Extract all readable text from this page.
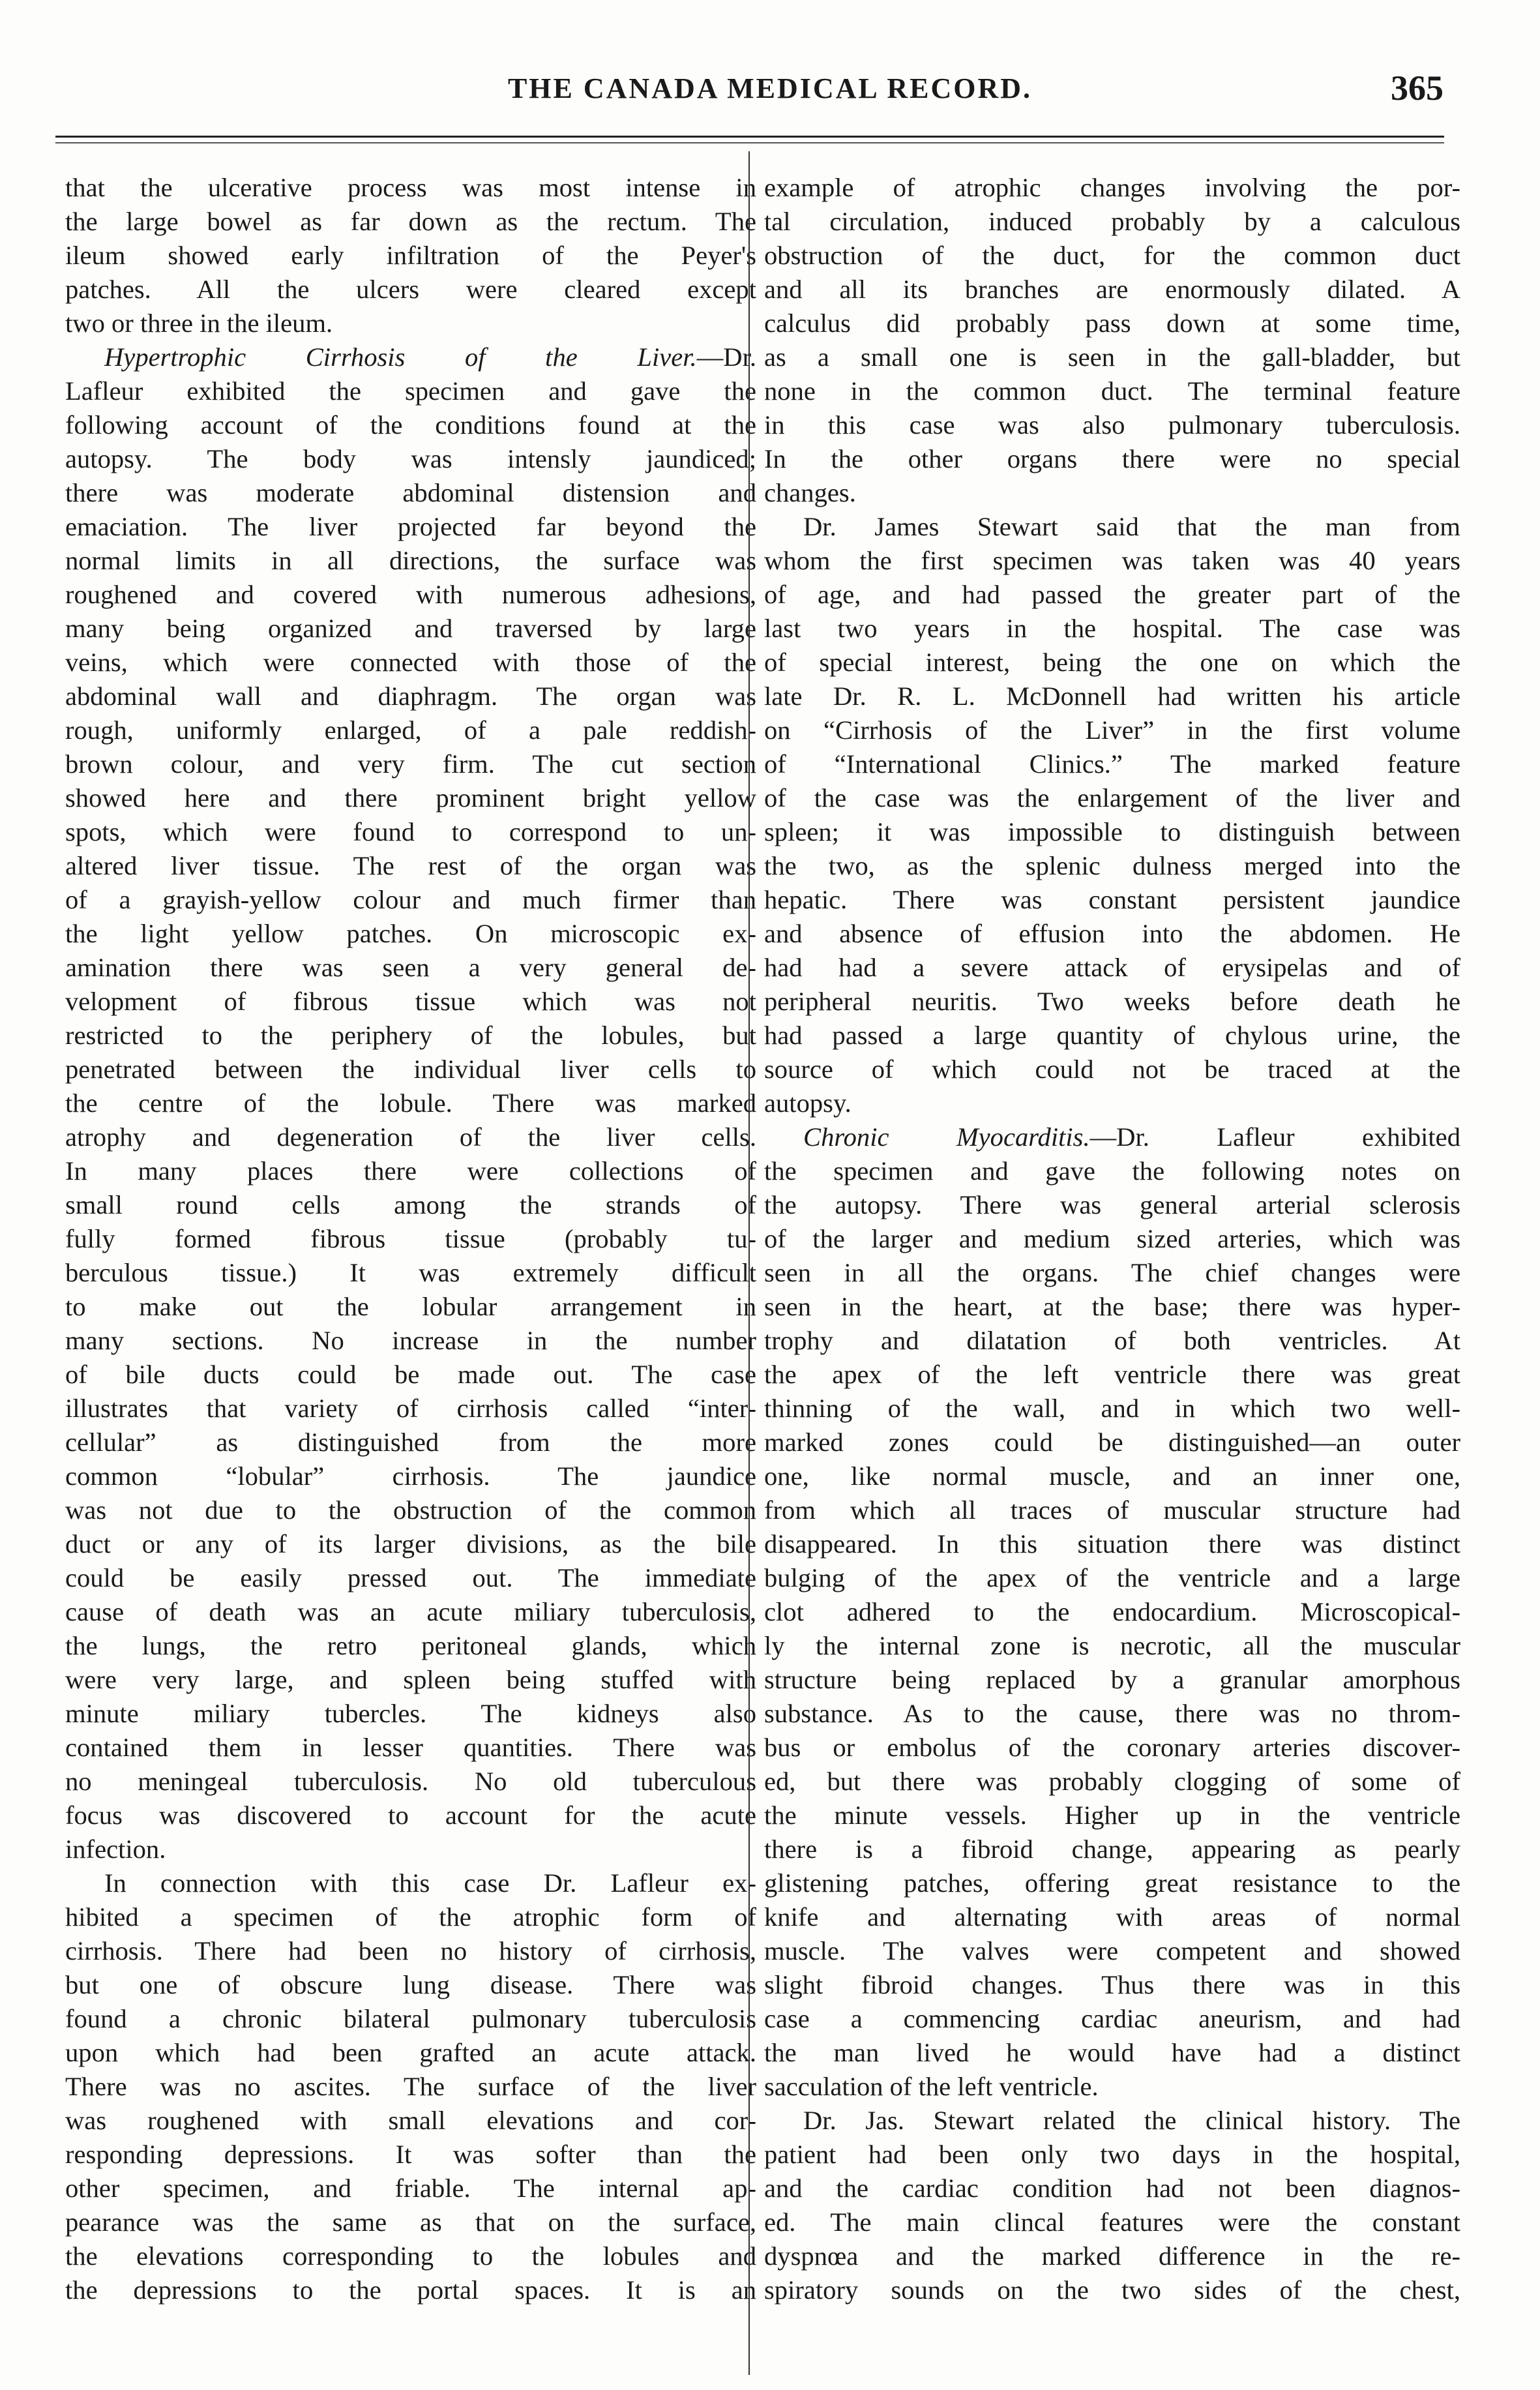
THE CANADA MEDICAL RECORD.	365
that the ulcerative process was most intense in
the large bowel as far down as the rectum. The
ileum showed early infiltration of the Peyer's
patches. All the ulcers were cleared except
two or three in the ileum.
Hypertrophic Cirrhosis of the Liver.—Dr.
Lafleur exhibited the specimen and gave the
following account of the conditions found at the
autopsy. The body was intensly jaundiced;
there was moderate abdominal distension and
emaciation. The liver projected far beyond the
normal limits in all directions, the surface was
roughened and covered with numerous adhesions,
many being organized and traversed by large
veins, which were connected with those of the
abdominal wall and diaphragm. The organ was
rough, uniformly enlarged, of a pale reddish-
brown colour, and very firm. The cut section
showed here and there prominent bright yellow
spots, which were found to correspond to un-
altered liver tissue. The rest of the organ was
of a grayish-yellow colour and much firmer than
the light yellow patches. On microscopic ex-
amination there was seen a very general de-
velopment of fibrous tissue which was not
restricted to the periphery of the lobules, but
penetrated between the individual liver cells to
the centre of the lobule. There was marked
atrophy and degeneration of the liver cells.
In many places there were collections of
small round cells among the strands of
fully formed fibrous tissue (probably tu-
berculous tissue.) It was extremely difficult
to make out the lobular arrangement in
many sections. No increase in the number
of bile ducts could be made out. The case
illustrates that variety of cirrhosis called “inter-
cellular” as distinguished from the more
common “lobular” cirrhosis. The jaundice
was not due to the obstruction of the common
duct or any of its larger divisions, as the bile
could be easily pressed out. The immediate
cause of death was an acute miliary tuberculosis,
the lungs, the retro peritoneal glands, which
were very large, and spleen being stuffed with
minute miliary tubercles. The kidneys also
contained them in lesser quantities. There was
no meningeal tuberculosis. No old tuberculous
focus was discovered to account for the acute
infection.
In connection with this case Dr. Lafleur ex-
hibited a specimen of the atrophic form of
cirrhosis. There had been no history of cirrhosis,
but one of obscure lung disease. There was
found a chronic bilateral pulmonary tuberculosis
upon which had been grafted an acute attack.
There was no ascites. The surface of the liver
was roughened with small elevations and cor-
responding depressions. It was softer than the
other specimen, and friable. The internal ap-
pearance was the same as that on the surface,
the elevations corresponding to the lobules and
the depressions to the portal spaces. It is an
example of atrophic changes involving the por-
tal circulation, induced probably by a calculous
obstruction of the duct, for the common duct
and all its branches are enormously dilated. A
calculus did probably pass down at some time,
as a small one is seen in the gall-bladder, but
none in the common duct. The terminal feature
in this case was also pulmonary tuberculosis.
In the other organs there were no special
changes.
Dr. James Stewart said that the man from
whom the first specimen was taken was 40 years
of age, and had passed the greater part of the
last two years in the hospital. The case was
of special interest, being the one on which the
late Dr. R. L. McDonnell had written his article
on “Cirrhosis of the Liver” in the first volume
of “International Clinics.” The marked feature
of the case was the enlargement of the liver and
spleen; it was impossible to distinguish between
the two, as the splenic dulness merged into the
hepatic. There was constant persistent jaundice
and absence of effusion into the abdomen. He
had had a severe attack of erysipelas and of
peripheral neuritis. Two weeks before death he
had passed a large quantity of chylous urine, the
source of which could not be traced at the
autopsy.
Chronic Myocarditis.—Dr. Lafleur exhibited
the specimen and gave the following notes on
the autopsy. There was general arterial sclerosis
of the larger and medium sized arteries, which was
seen in all the organs. The chief changes were
seen in the heart, at the base; there was hyper-
trophy and dilatation of both ventricles. At
the apex of the left ventricle there was great
thinning of the wall, and in which two well-
marked zones could be distinguished—an outer
one, like normal muscle, and an inner one,
from which all traces of muscular structure had
disappeared. In this situation there was distinct
bulging of the apex of the ventricle and a large
clot adhered to the endocardium. Microscopical-
ly the internal zone is necrotic, all the muscular
structure being replaced by a granular amorphous
substance. As to the cause, there was no throm-
bus or embolus of the coronary arteries discover-
ed, but there was probably clogging of some of
the minute vessels. Higher up in the ventricle
there is a fibroid change, appearing as pearly
glistening patches, offering great resistance to the
knife and alternating with areas of normal
muscle. The valves were competent and showed
slight fibroid changes. Thus there was in this
case a commencing cardiac aneurism, and had
the man lived he would have had a distinct
sacculation of the left ventricle.
Dr. Jas. Stewart related the clinical history. The
patient had been only two days in the hospital,
and the cardiac condition had not been diagnos-
ed. The main clincal features were the constant
dyspnœa and the marked difference in the re-
spiratory sounds on the two sides of the chest,
